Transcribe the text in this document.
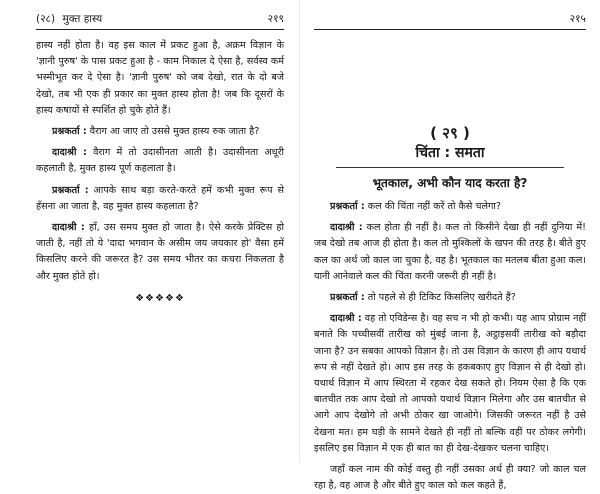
(२८) मुक्त हास्य	२१९

हास्य नहीं होता है। वह इस काल में प्रकट हुआ है, अक्रम विज्ञान के 'ज्ञानी पुरुष' के पास प्रकट हुआ है - काम निकाल दे ऐसा है, सर्वस्व कर्म भस्मीभूत कर दे ऐसा है। 'ज्ञानी पुरुष' को जब देखो, रात के दो बजे देखो, तब भी एक ही प्रकार का मुक्त हास्य होता है! जब कि दूसरों के हास्य कषायों से स्पर्शित हो चुके होते हैं।

प्रश्नकर्ता : वैराग आ जाए तो उससे मुक्त हास्य रुक जाता है?

दादाश्री : वैराग में तो उदासीनता आती है। उदासीनता अधूरी कहलाती है, मुक्त हास्य पूर्ण कहलाता है।

प्रश्नकर्ता : आपके साथ बड़ा करते-करते हमें कभी मुक्त रूप से हँसना आ जाता है, वह मुक्त हास्य कहलाता है?

दादाश्री : हाँ, उस समय मुक्त हो जाता है। ऐसे करके प्रेक्टिस हो जाती है, नहीं तो ये 'दादा भगवान के असीम जय जयकार हो' वैसा हमें किसलिए करने की जरूरत है? उस समय भीतर का कचरा निकलता है और मुक्त होते हो।

❖❖❖❖❖
२१५
( २९ )
चिंता : समता
भूतकाल, अभी कौन याद करता है?

प्रश्नकर्ता : कल की चिंता नहीं करें तो कैसे चलेगा?

दादाश्री : कल होता ही नहीं है। कल तो किसीने देखा ही नहीं दुनिया में! जब देखो तब आज ही होता है। कल तो मुश्किलों के खपन की तरह है। बीते हुए कल का अर्थ जो काल जा चुका है, वह है। भूतकाल का मतलब बीता हुआ कल। यानी आनेवाले कल की चिंता करनी जरूरी ही नहीं है।

प्रश्नकर्ता : तो पहले से ही टिकिट किसलिए खरीदते हैं?

दादाश्री : वह तो एविडेन्स है। वह सच न भी हो कभी। यह आप प्रोग्राम नहीं बनाते कि पच्चीसवीं तारीख को मुंबई जाना है, अट्ठाइसवीं तारीख को बड़ौदा जाना है? उन सबका आपको विज्ञान है। तो उस विज्ञान के कारण ही आप यथार्थ रूप से नहीं देखते हो। आप इस तरह के हकबकाए हुए विज्ञान से ही देखो हो। यथार्थ विज्ञान में आप स्थिरता में रहकर देख सकते हो। नियम ऐसा है कि एक बातचीत तक आप देखो तो आपको यथार्थ विज्ञान मिलेगा और उस बातचीत से आगे आप देखोगे तो अभी ठोकर खा जाओगे। जिसकी जरूरत नहीं है उसे देखना मत। हम घड़ी के सामने देखते ही नहीं तो बल्कि वहीं पर ठोकर लगेगी। इसलिए इस विज्ञान में एक ही बात का ही देख-देखकर चलना चाहिए।

जहाँ कल नाम की कोई वस्तु ही नहीं उसका अर्थ ही क्या? जो काल चल रहा है, वह आज है और बीते हुए काल को कल कहते हैं,
